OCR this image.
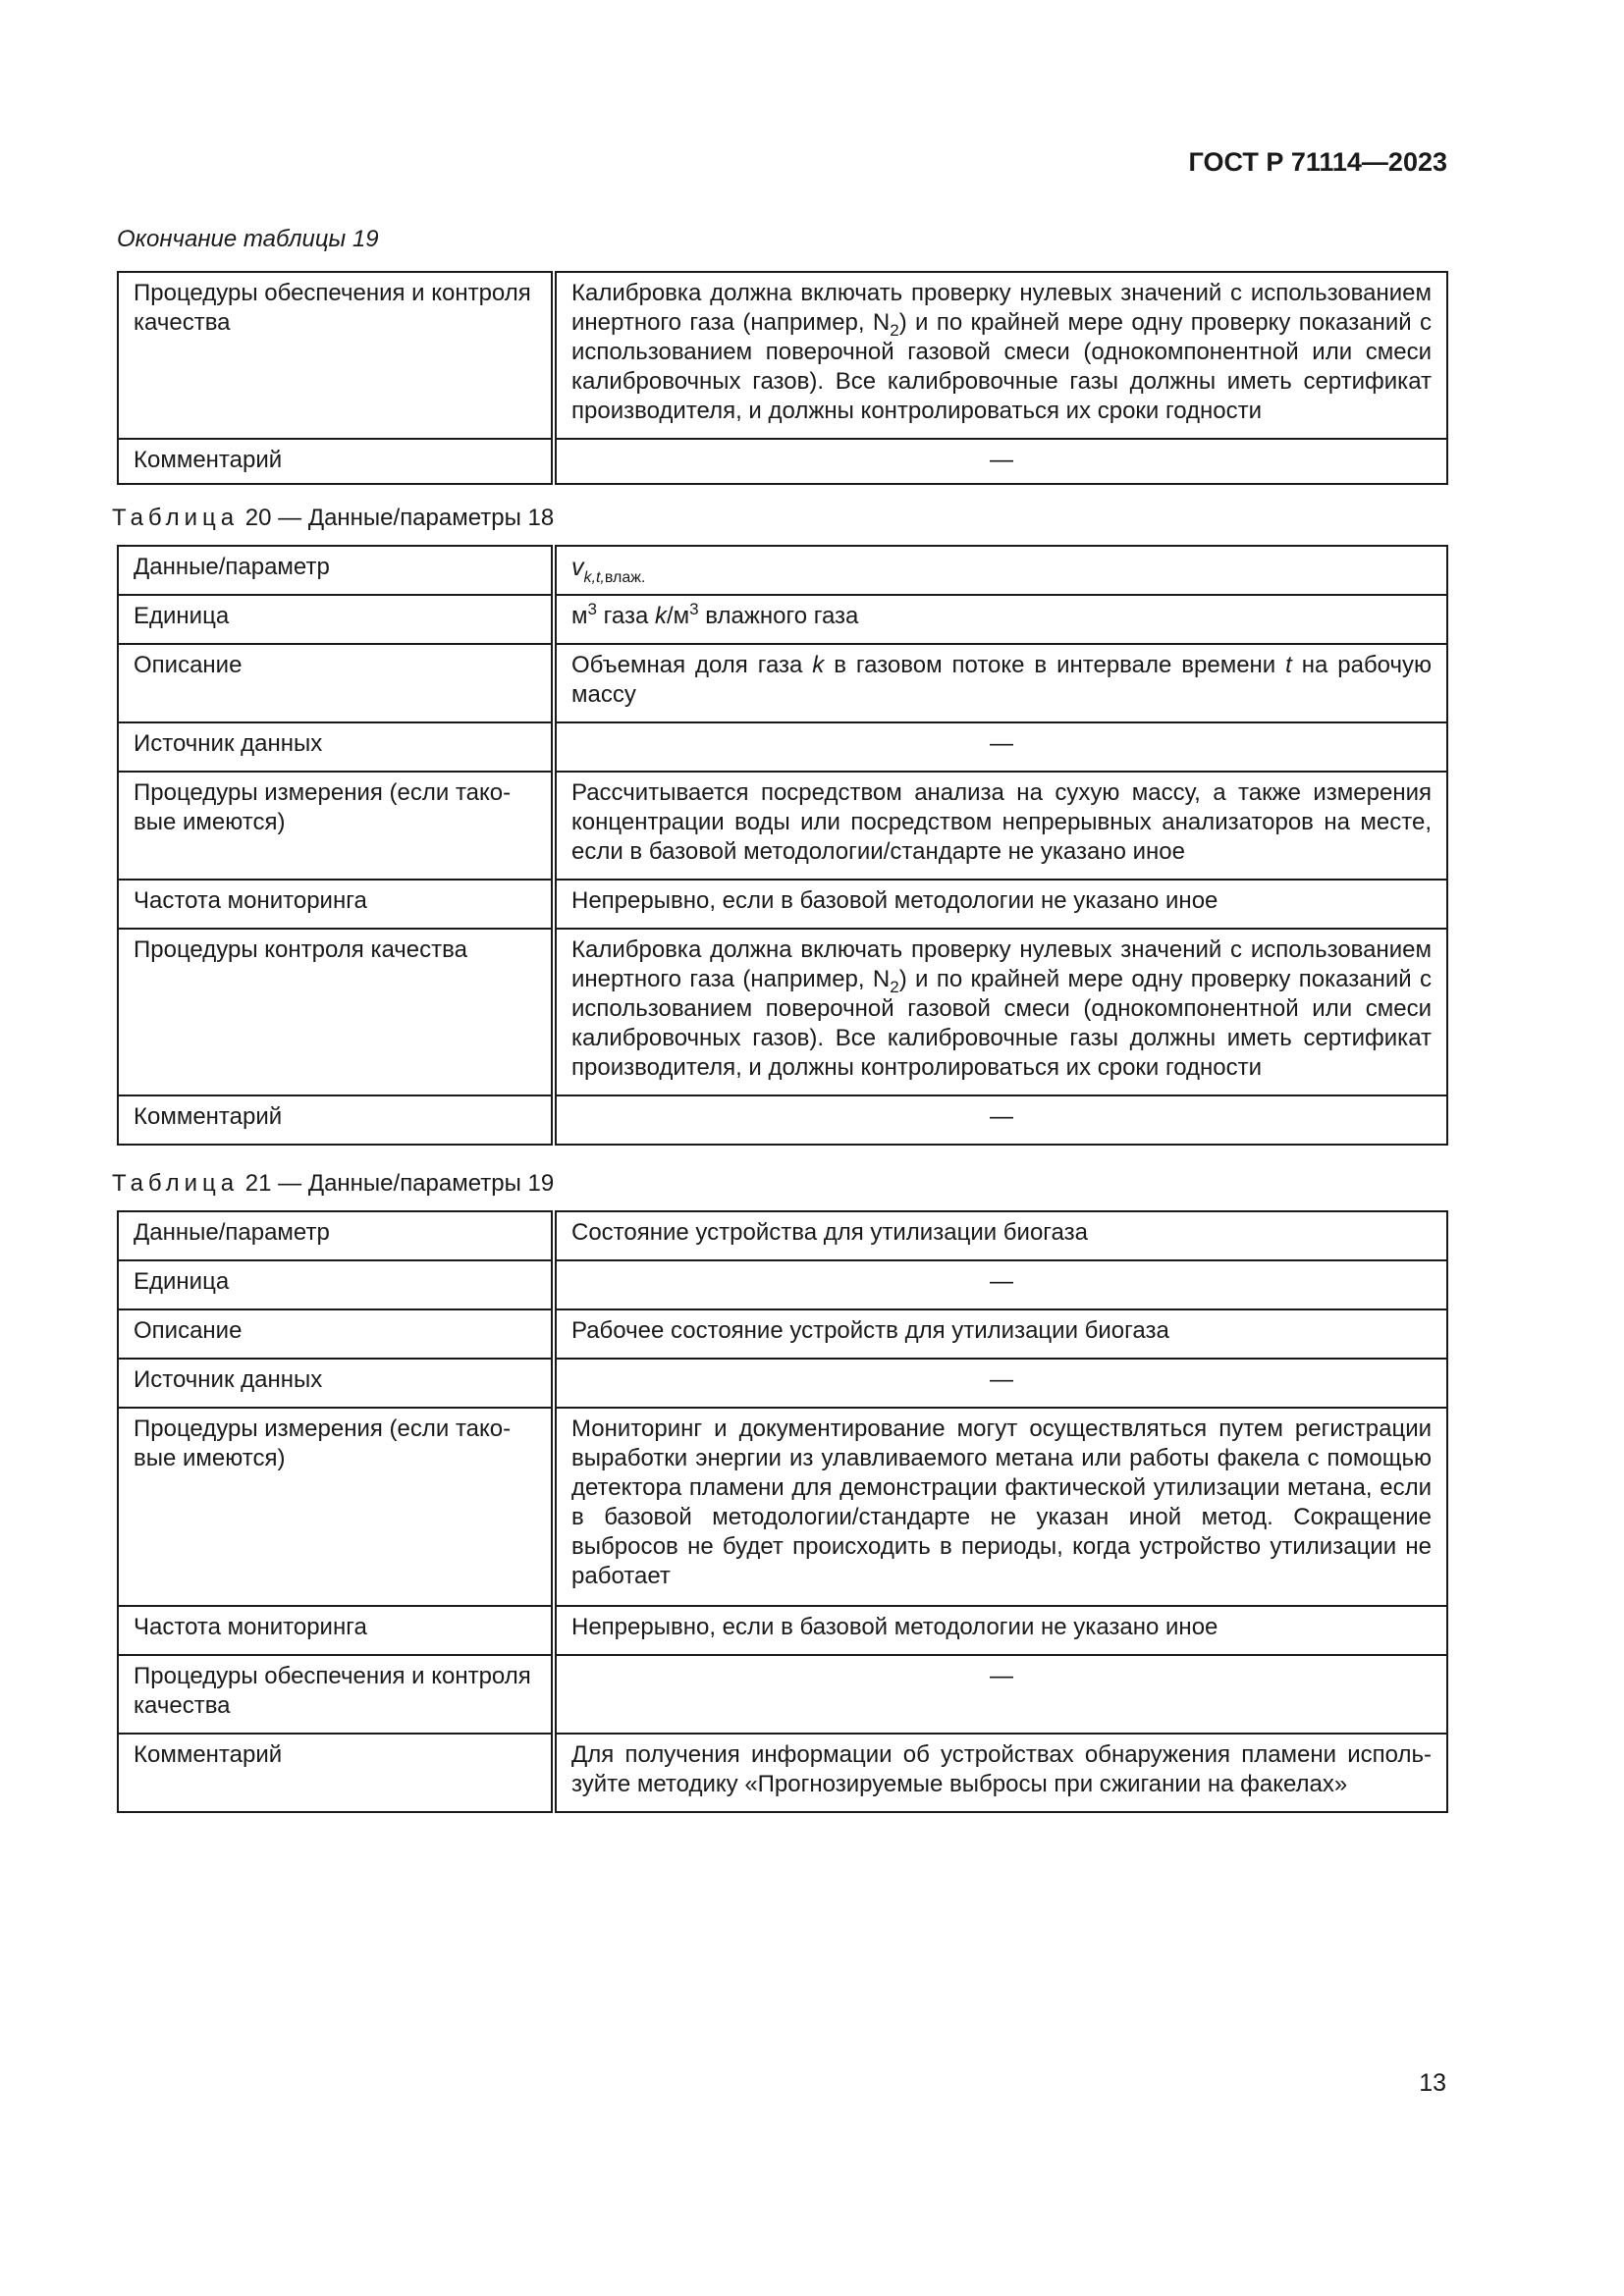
ГОСТ Р 71114—2023
Окончание таблицы 19
Процедуры обеспечения и контроля качества	Калибровка должна включать проверку нулевых значений с использованием инертного газа (например, $N_2$) и по крайней мере одну проверку показаний с использованием поверочной газовой смеси (однокомпонентной или смеси калибровочных газов). Все калибровочные газы должны иметь сертификат производителя, и должны контролироваться их сроки годности
Комментарий	—
Таблица 20 — Данные/параметры 18
Данные/параметр	$v_{k,t,влаж.}$
Единица	$м^3$ газа $k/м^3$ влажного газа
Описание	Объемная доля газа k в газовом потоке в интервале времени t на рабочую массу
Источник данных	—
Процедуры измерения (если таковые имеются)	Рассчитывается посредством анализа на сухую массу, а также измерения концентрации воды или посредством непрерывных анализаторов на месте, если в базовой методологии/стандарте не указано иное
Частота мониторинга	Непрерывно, если в базовой методологии не указано иное
Процедуры контроля качества	Калибровка должна включать проверку нулевых значений с использованием инертного газа (например, $N_2$) и по крайней мере одну проверку показаний с использованием поверочной газовой смеси (однокомпонентной или смеси калибровочных газов). Все калибровочные газы должны иметь сертификат производителя, и должны контролироваться их сроки годности
Комментарий	—
Таблица 21 — Данные/параметры 19
Данные/параметр	Состояние устройства для утилизации биогаза
Единица	—
Описание	Рабочее состояние устройств для утилизации биогаза
Источник данных	—
Процедуры измерения (если таковые имеются)	Мониторинг и документирование могут осуществляться путем регистрации выработки энергии из улавливаемого метана или работы факела с помощью детектора пламени для демонстрации фактической утилизации метана, если в базовой методологии/стандарте не указан иной метод. Сокращение выбросов не будет происходить в периоды, когда устройство утилизации не работает
Частота мониторинга	Непрерывно, если в базовой методологии не указано иное
Процедуры обеспечения и контроля качества	—
Комментарий	Для получения информации об устройствах обнаружения пламени используйте методику «Прогнозируемые выбросы при сжигании на факелах»
13
